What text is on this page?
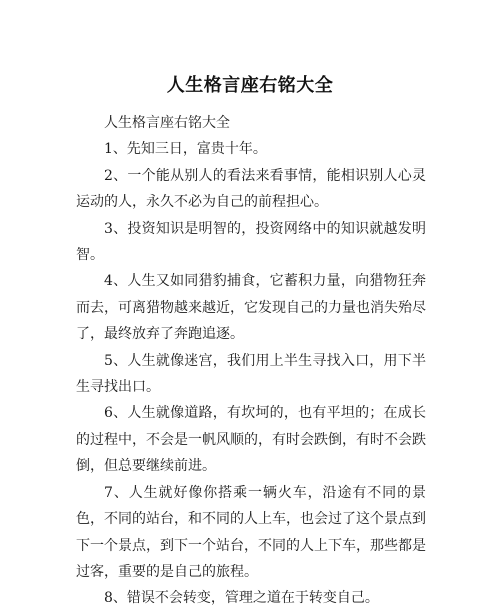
人生格言座右铭大全

人生格言座右铭大全

1、先知三日，富贵十年。

2、一个能从别人的看法来看事情，能相识别人心灵运动的人，永久不必为自己的前程担心。

3、投资知识是明智的，投资网络中的知识就越发明智。

4、人生又如同猎豹捕食，它蓄积力量，向猎物狂奔而去，可离猎物越来越近，它发现自己的力量也消失殆尽了，最终放弃了奔跑追逐。

5、人生就像迷宫，我们用上半生寻找入口，用下半生寻找出口。

6、人生就像道路，有坎坷的，也有平坦的；在成长的过程中，不会是一帆风顺的，有时会跌倒，有时不会跌倒，但总要继续前进。

7、人生就好像你搭乘一辆火车，沿途有不同的景色，不同的站台，和不同的人上车，也会过了这个景点到下一个景点，到下一个站台，不同的人上下车，那些都是过客，重要的是自己的旅程。

8、错误不会转变，管理之道在于转变自己。
